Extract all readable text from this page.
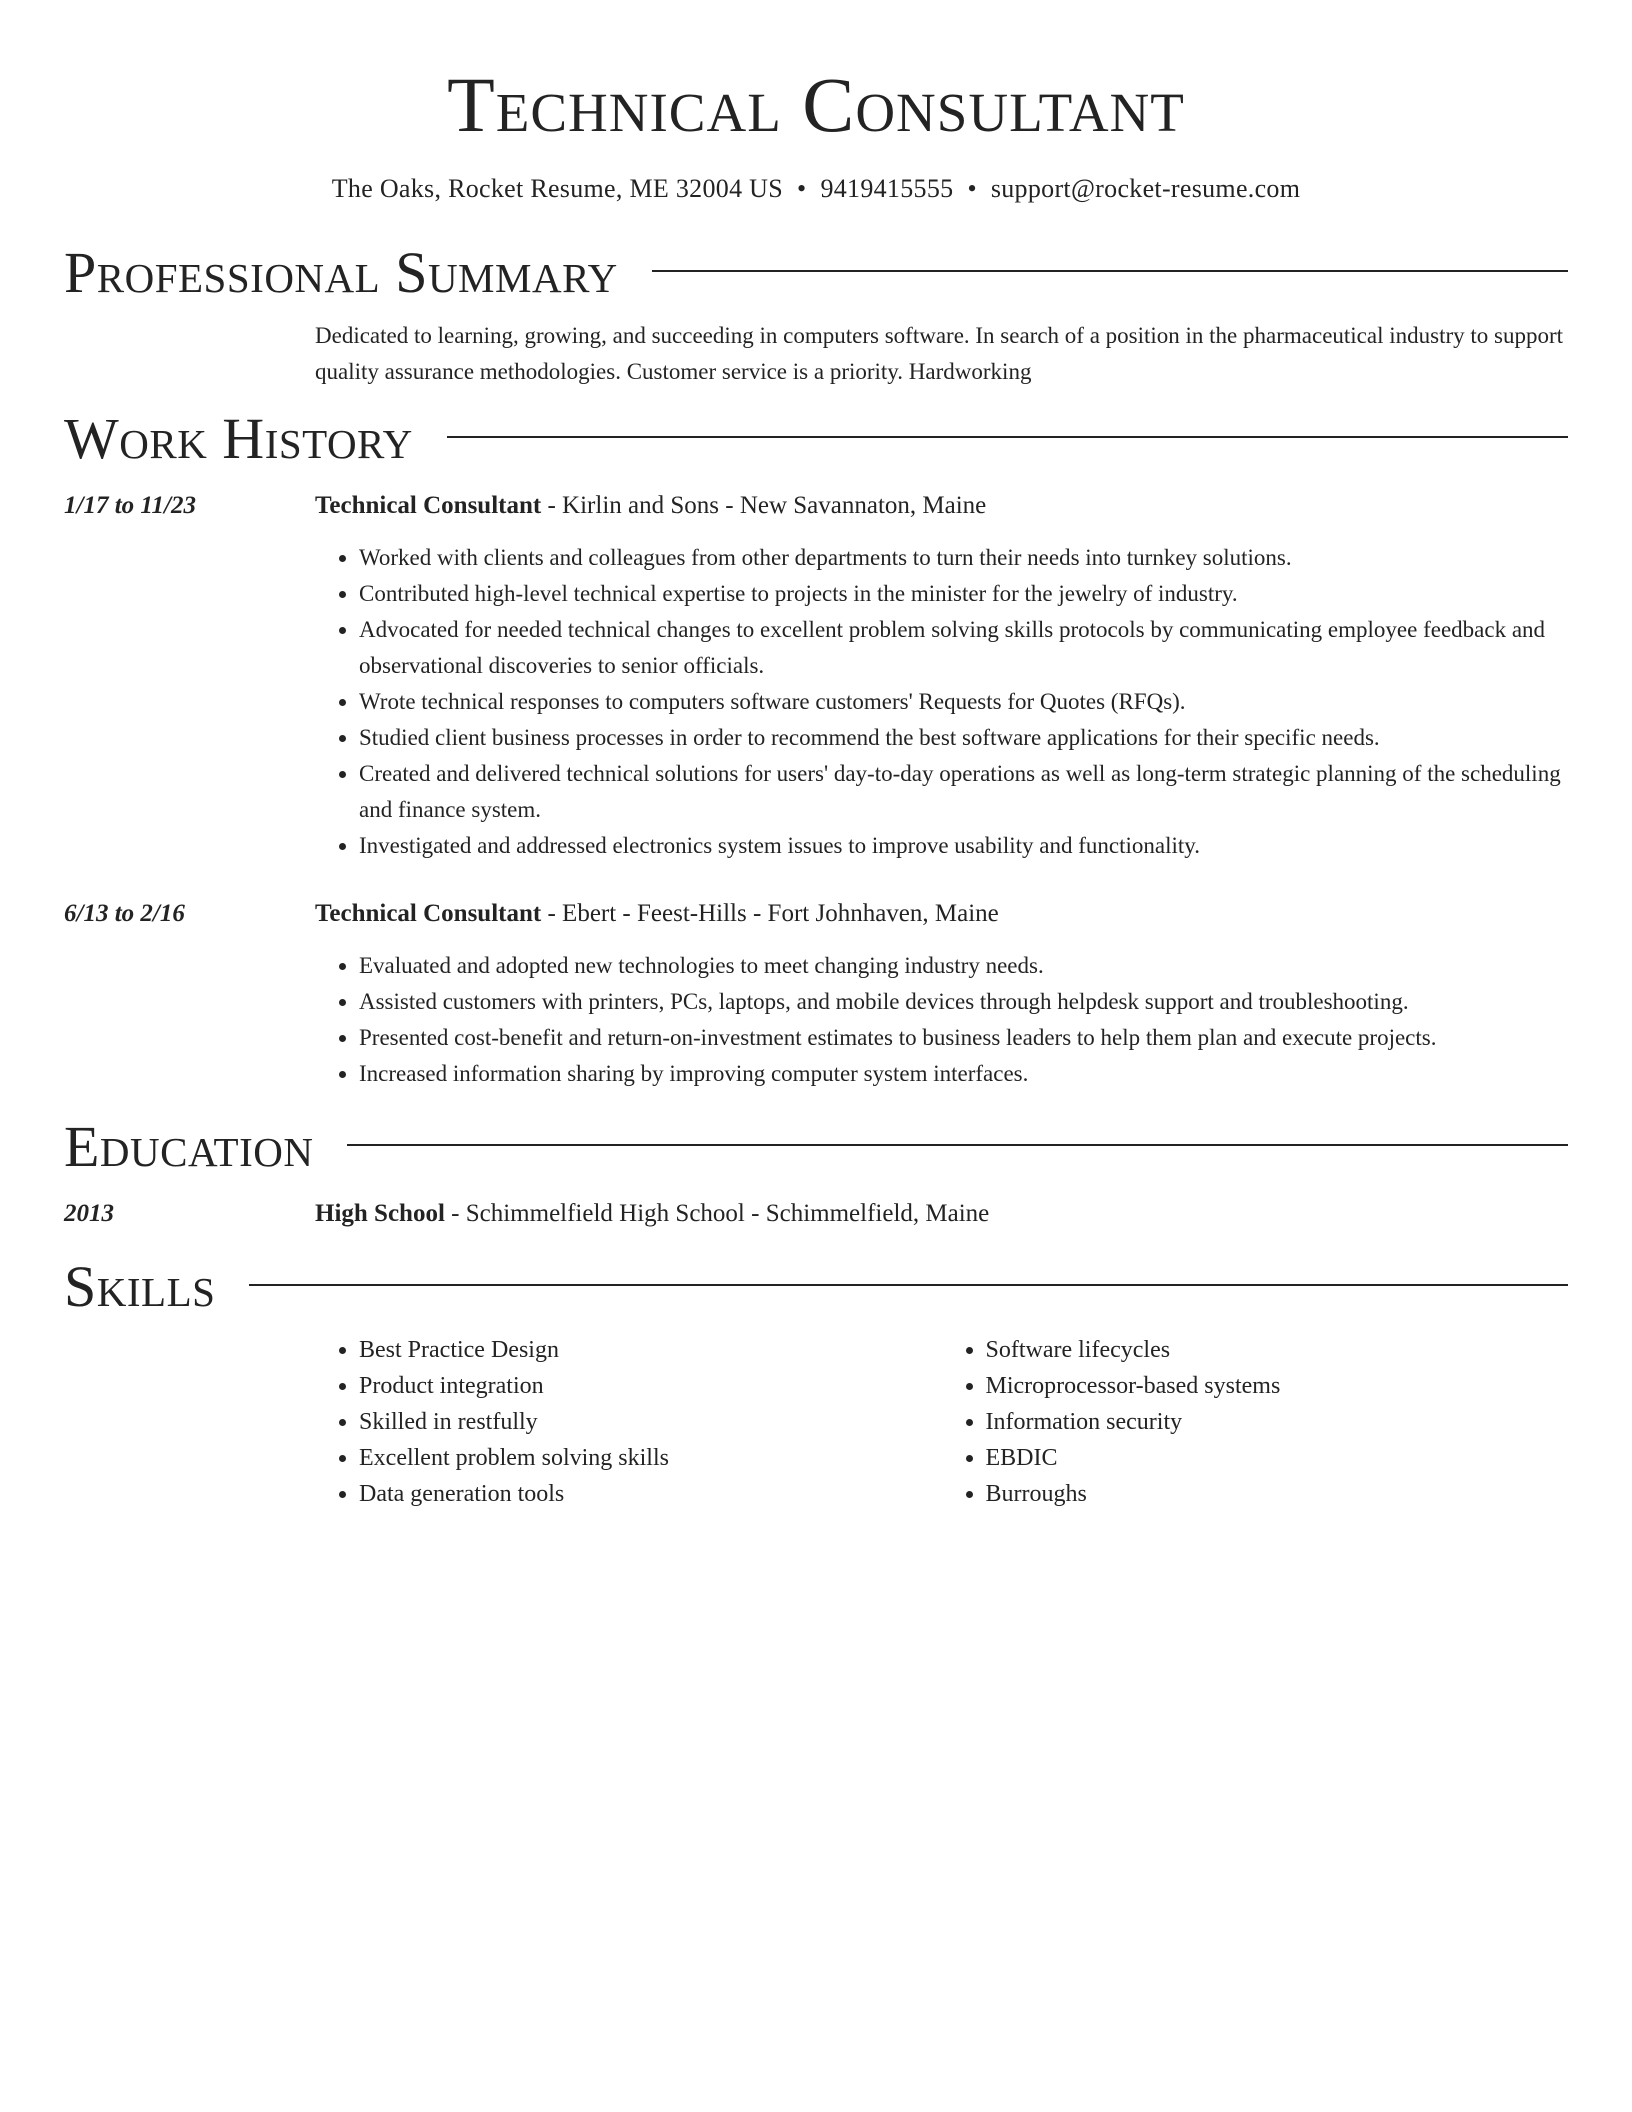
Technical Consultant
The Oaks, Rocket Resume, ME 32004 US • 9419415555 • support@rocket-resume.com
Professional Summary
Dedicated to learning, growing, and succeeding in computers software. In search of a position in the pharmaceutical industry to support quality assurance methodologies. Customer service is a priority. Hardworking
Work History
1/17 to 11/23	Technical Consultant - Kirlin and Sons - New Savannaton, Maine
• Worked with clients and colleagues from other departments to turn their needs into turnkey solutions.
• Contributed high-level technical expertise to projects in the minister for the jewelry of industry.
• Advocated for needed technical changes to excellent problem solving skills protocols by communicating employee feedback and observational discoveries to senior officials.
• Wrote technical responses to computers software customers' Requests for Quotes (RFQs).
• Studied client business processes in order to recommend the best software applications for their specific needs.
• Created and delivered technical solutions for users' day-to-day operations as well as long-term strategic planning of the scheduling and finance system.
• Investigated and addressed electronics system issues to improve usability and functionality.
6/13 to 2/16	Technical Consultant - Ebert - Feest-Hills - Fort Johnhaven, Maine
• Evaluated and adopted new technologies to meet changing industry needs.
• Assisted customers with printers, PCs, laptops, and mobile devices through helpdesk support and troubleshooting.
• Presented cost-benefit and return-on-investment estimates to business leaders to help them plan and execute projects.
• Increased information sharing by improving computer system interfaces.
Education
2013	High School - Schimmelfield High School - Schimmelfield, Maine
Skills
• Best Practice Design
• Product integration
• Skilled in restfully
• Excellent problem solving skills
• Data generation tools
• Software lifecycles
• Microprocessor-based systems
• Information security
• EBDIC
• Burroughs
